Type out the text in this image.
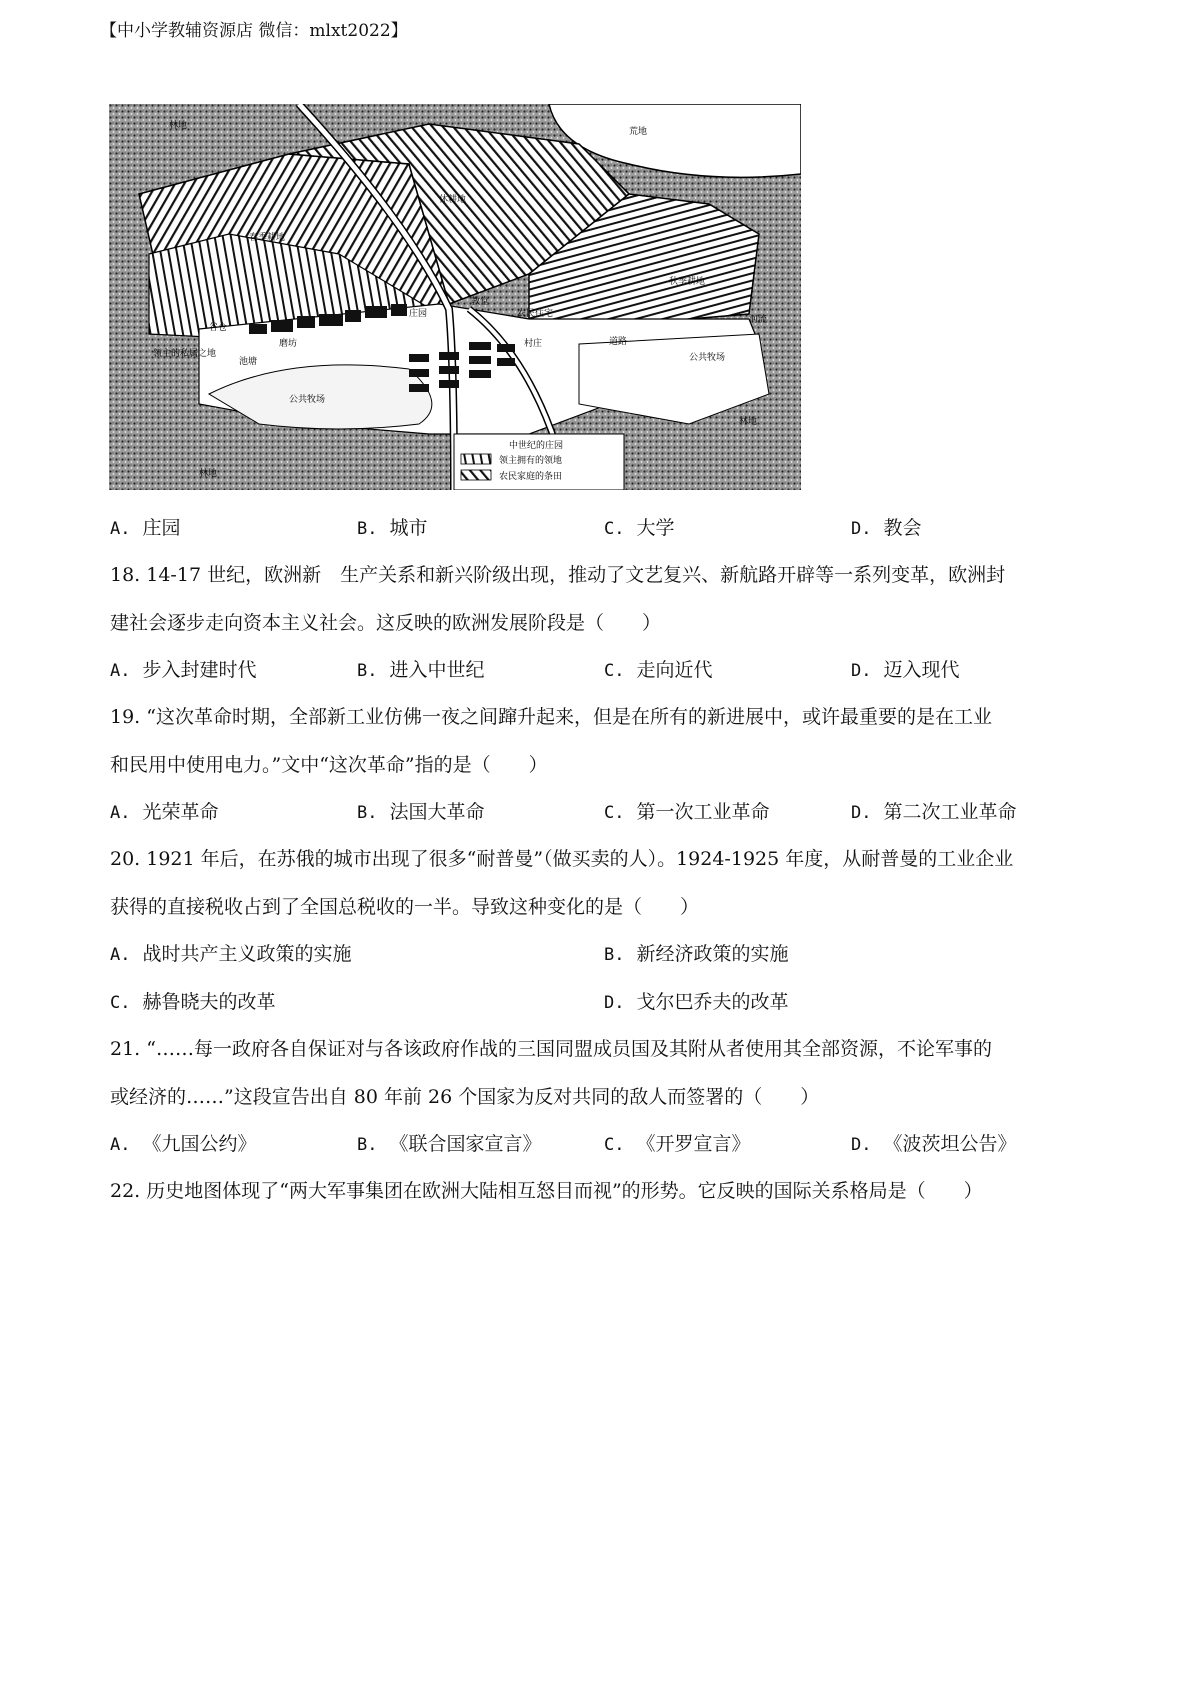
【中小学教辅资源店 微信：mlxt2022】
林地
荒地
休耕地
春季耕地
秋季耕地
庄园
教堂
农民住宅
谷仓
领主的私属之地
磨坊
池塘
村庄	道路
河流
公共牧场
公共牧场
林地
林地
中世纪的庄园
领主拥有的领地
农民家庭的条田
A. 庄园	B. 城市	C. 大学	D. 教会
18. 14-17 世纪，欧洲新　生产关系和新兴阶级出现，推动了文艺复兴、新航路开辟等一系列变革，欧洲封
建社会逐步走向资本主义社会。这反映的欧洲发展阶段是（　　）
A. 步入封建时代	B. 进入中世纪	C. 走向近代	D. 迈入现代
19. “这次革命时期，全部新工业仿佛一夜之间蹿升起来，但是在所有的新进展中，或许最重要的是在工业
和民用中使用电力。”文中“这次革命”指的是（　　）
A. 光荣革命	B. 法国大革命	C. 第一次工业革命	D. 第二次工业革命
20. 1921 年后，在苏俄的城市出现了很多“耐普曼”（做买卖的人）。1924-1925 年度，从耐普曼的工业企业
获得的直接税收占到了全国总税收的一半。导致这种变化的是（　　）
A. 战时共产主义政策的实施	B. 新经济政策的实施
C. 赫鲁晓夫的改革	D. 戈尔巴乔夫的改革
21. “……每一政府各自保证对与各该政府作战的三国同盟成员国及其附从者使用其全部资源，不论军事的
或经济的……”这段宣告出自 80 年前 26 个国家为反对共同的敌人而签署的（　　）
A. 《九国公约》	B. 《联合国家宣言》	C. 《开罗宣言》	D. 《波茨坦公告》
22. 历史地图体现了“两大军事集团在欧洲大陆相互怒目而视”的形势。它反映的国际关系格局是（　　）
